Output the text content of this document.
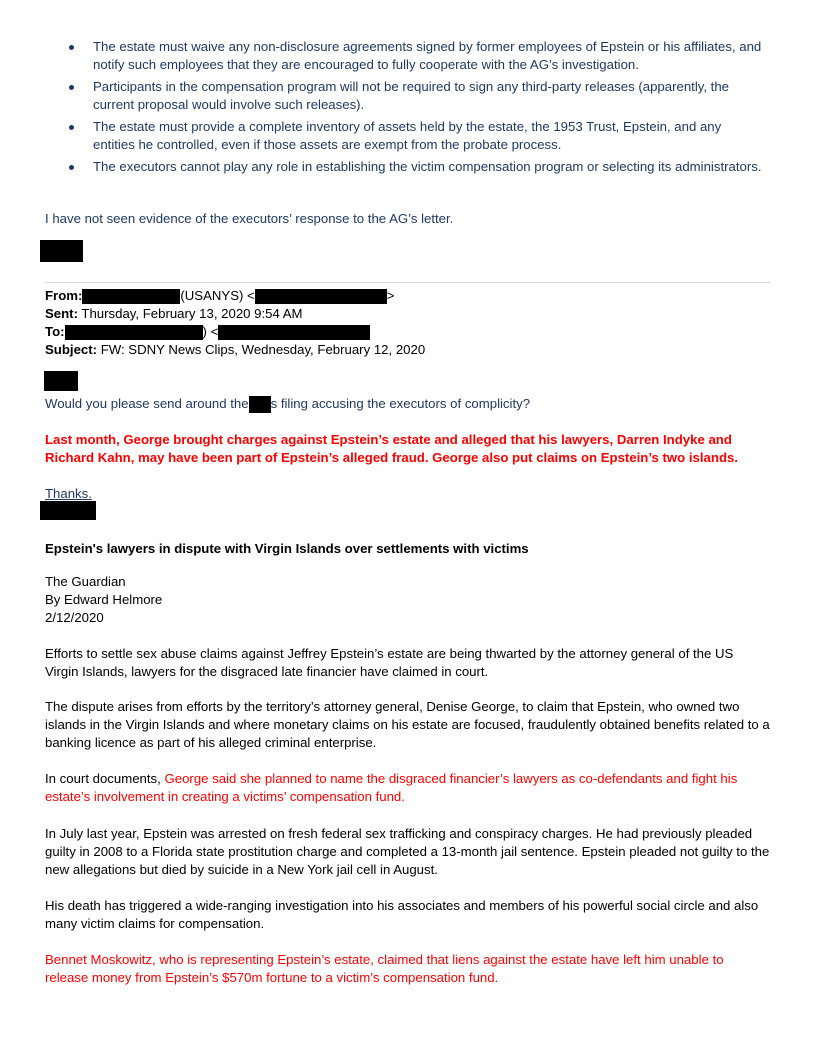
The estate must waive any non-disclosure agreements signed by former employees of Epstein or his affiliates, and notify such employees that they are encouraged to fully cooperate with the AG’s investigation.
Participants in the compensation program will not be required to sign any third-party releases (apparently, the current proposal would involve such releases).
The estate must provide a complete inventory of assets held by the estate, the 1953 Trust, Epstein, and any entities he controlled, even if those assets are exempt from the probate process.
The executors cannot play any role in establishing the victim compensation program or selecting its administrators.

I have not seen evidence of the executors’ response to the AG’s letter.

From:	(USANYS) <	>
Sent: Thursday, February 13, 2020 9:54 AM
To:	) <
Subject: FW: SDNY News Clips, Wednesday, February 12, 2020

Would you please send around the s filing accusing the executors of complicity?

Last month, George brought charges against Epstein’s estate and alleged that his lawyers, Darren Indyke and Richard Kahn, may have been part of Epstein’s alleged fraud. George also put claims on Epstein’s two islands.

Thanks.

Epstein's lawyers in dispute with Virgin Islands over settlements with victims

The Guardian
By Edward Helmore
2/12/2020

Efforts to settle sex abuse claims against Jeffrey Epstein’s estate are being thwarted by the attorney general of the US Virgin Islands, lawyers for the disgraced late financier have claimed in court.

The dispute arises from efforts by the territory’s attorney general, Denise George, to claim that Epstein, who owned two islands in the Virgin Islands and where monetary claims on his estate are focused, fraudulently obtained benefits related to a banking licence as part of his alleged criminal enterprise.

In court documents, George said she planned to name the disgraced financier’s lawyers as co-defendants and fight his estate’s involvement in creating a victims’ compensation fund.

In July last year, Epstein was arrested on fresh federal sex trafficking and conspiracy charges. He had previously pleaded guilty in 2008 to a Florida state prostitution charge and completed a 13-month jail sentence. Epstein pleaded not guilty to the new allegations but died by suicide in a New York jail cell in August.

His death has triggered a wide-ranging investigation into his associates and members of his powerful social circle and also many victim claims for compensation.

Bennet Moskowitz, who is representing Epstein’s estate, claimed that liens against the estate have left him unable to release money from Epstein’s $570m fortune to a victim’s compensation fund.
